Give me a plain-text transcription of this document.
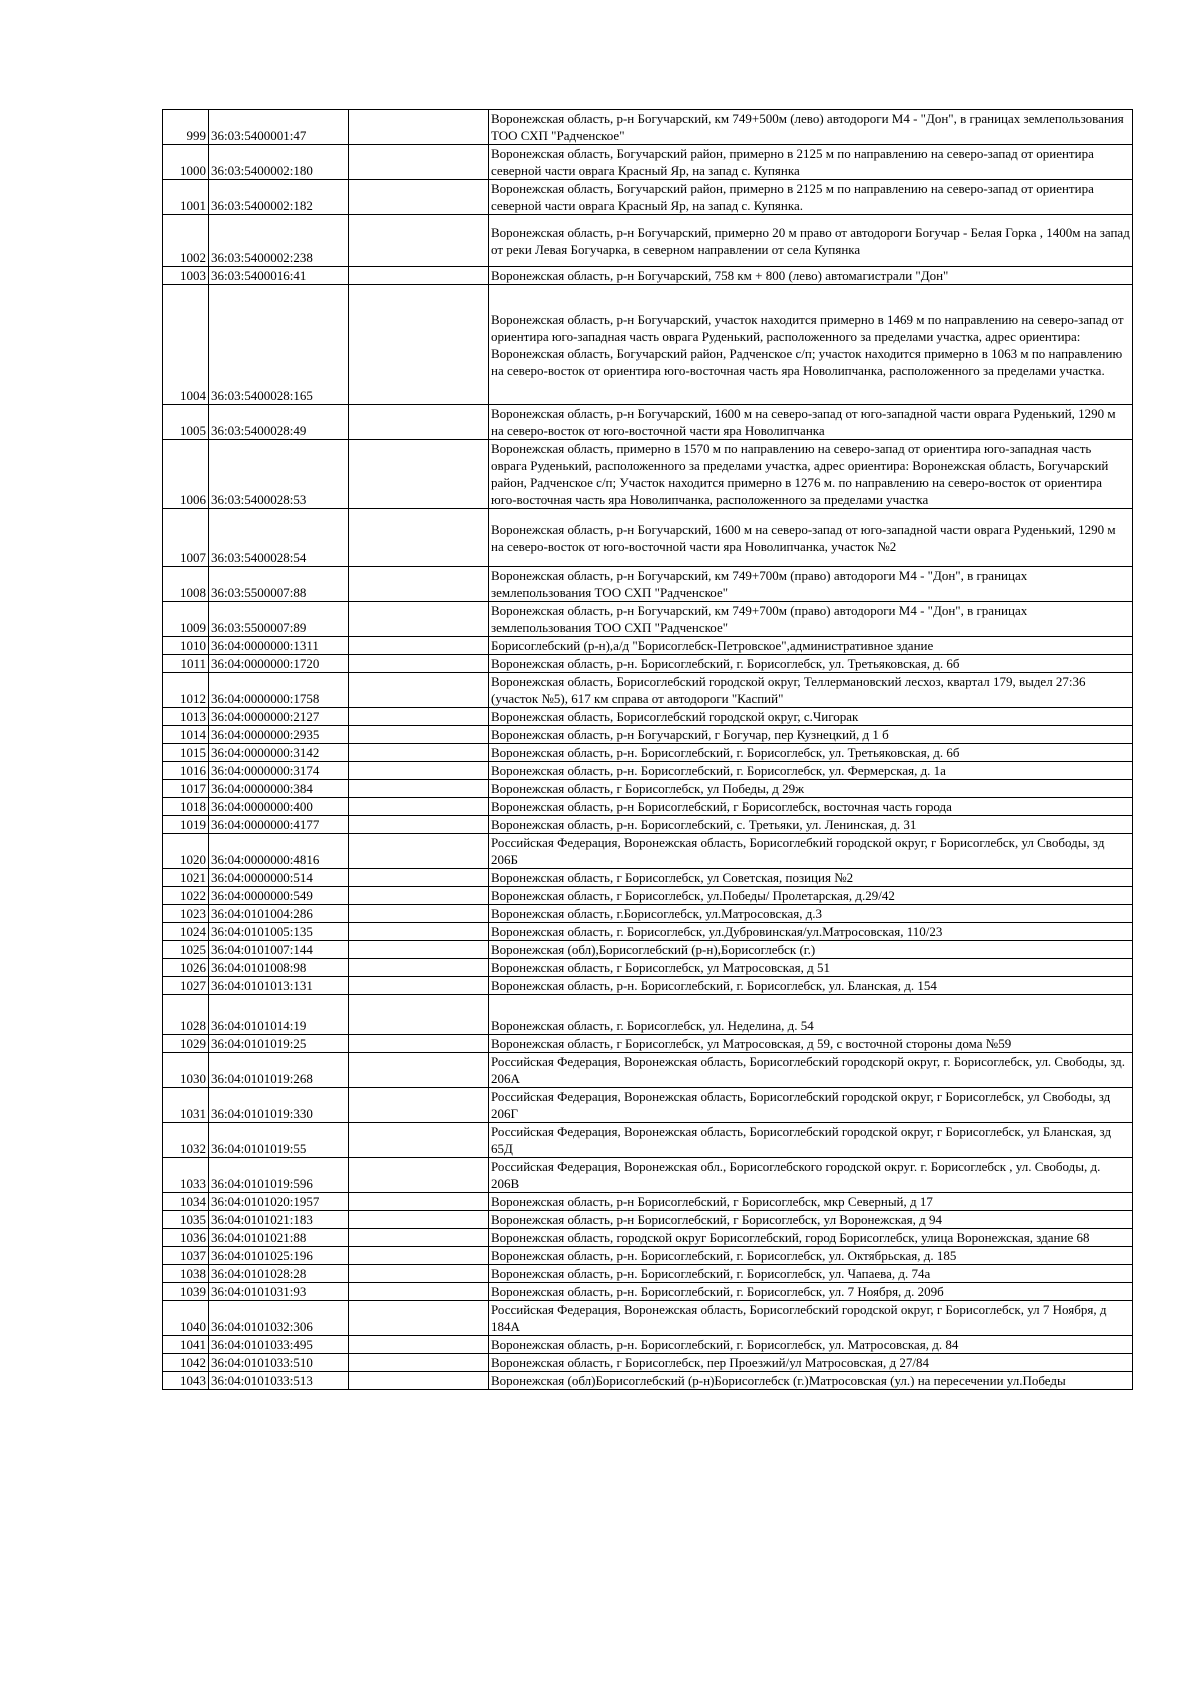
999	36:03:5400001:47		Воронежская область, р-н Богучарский, км 749+500м (лево) автодороги М4 - "Дон", в границах землепользования ТОО СХП "Радченское"
1000	36:03:5400002:180		Воронежская область, Богучарский район, примерно в 2125 м по направлению на северо-запад от ориентира северной части оврага Красный Яр, на запад с. Купянка
1001	36:03:5400002:182		Воронежская область, Богучарский район, примерно в 2125 м по направлению на северо-запад от ориентира северной части оврага Красный Яр, на запад с. Купянка.
1002	36:03:5400002:238		Воронежская область, р-н Богучарский, примерно 20 м право от автодороги Богучар - Белая Горка , 1400м на запад от реки Левая Богучарка, в северном направлении от села Купянка
1003	36:03:5400016:41		Воронежская область, р-н Богучарский, 758 км + 800 (лево) автомагистрали "Дон"
1004	36:03:5400028:165		Воронежская область, р-н Богучарский, участок находится примерно в 1469 м по направлению на северо-запад от ориентира юго-западная часть оврага Руденький, расположенного за пределами участка, адрес ориентира: Воронежская область, Богучарский район, Радченское с/п; участок находится примерно в 1063 м по направлению на северо-восток от ориентира юго-восточная часть яра Новолипчанка, расположенного за пределами участка.
1005	36:03:5400028:49		Воронежская область, р-н Богучарский, 1600 м на северо-запад от юго-западной части оврага Руденький, 1290 м на северо-восток от юго-восточной части яра Новолипчанка
1006	36:03:5400028:53		Воронежская область, примерно в 1570 м по направлению на северо-запад от ориентира юго-западная часть оврага Руденький, расположенного за пределами участка, адрес ориентира: Воронежская область, Богучарский район, Радченское с/п; Участок находится примерно в 1276 м. по направлению на северо-восток от ориентира юго-восточная часть яра Новолипчанка, расположенного за пределами участка
1007	36:03:5400028:54		Воронежская область, р-н Богучарский, 1600 м на северо-запад от юго-западной части оврага Руденький, 1290 м на северо-восток от юго-восточной части яра Новолипчанка, участок №2
1008	36:03:5500007:88		Воронежская область, р-н Богучарский, км 749+700м (право) автодороги М4 - "Дон", в границах землепользования ТОО СХП "Радченское"
1009	36:03:5500007:89		Воронежская область, р-н Богучарский, км 749+700м (право) автодороги М4 - "Дон", в границах землепользования ТОО СХП "Радченское"
1010	36:04:0000000:1311		Борисоглебский (р-н),а/д "Борисоглебск-Петровское",административное здание
1011	36:04:0000000:1720		Воронежская область, р-н. Борисоглебский, г. Борисоглебск, ул. Третьяковская, д. 6б
1012	36:04:0000000:1758		Воронежская область, Борисоглебский городской округ, Теллермановский лесхоз, квартал 179, выдел 27:36 (участок №5), 617 км справа от автодороги "Каспий"
1013	36:04:0000000:2127		Воронежская область, Борисоглебский городской округ, с.Чигорак
1014	36:04:0000000:2935		Воронежская область, р-н Богучарский, г Богучар, пер Кузнецкий, д 1 б
1015	36:04:0000000:3142		Воронежская область, р-н. Борисоглебский, г. Борисоглебск, ул. Третьяковская, д. 6б
1016	36:04:0000000:3174		Воронежская область, р-н. Борисоглебский, г. Борисоглебск, ул. Фермерская, д. 1а
1017	36:04:0000000:384		Воронежская область, г Борисоглебск, ул Победы, д 29ж
1018	36:04:0000000:400		Воронежская область, р-н Борисоглебский, г Борисоглебск, восточная часть города
1019	36:04:0000000:4177		Воронежская область, р-н. Борисоглебский, с. Третьяки, ул. Ленинская, д. 31
1020	36:04:0000000:4816		Российская Федерация, Воронежская область, Борисоглебкий городской округ, г Борисоглебск, ул Свободы, зд 206Б
1021	36:04:0000000:514		Воронежская область, г Борисоглебск, ул Советская, позиция №2
1022	36:04:0000000:549		Воронежская область, г Борисоглебск, ул.Победы/ Пролетарская, д.29/42
1023	36:04:0101004:286		Воронежская область, г.Борисоглебск, ул.Матросовская, д.3
1024	36:04:0101005:135		Воронежская область, г. Борисоглебск, ул.Дубровинская/ул.Матросовская, 110/23
1025	36:04:0101007:144		Воронежская (обл),Борисоглебский (р-н),Борисоглебск (г.)
1026	36:04:0101008:98		Воронежская область, г Борисоглебск, ул Матросовская, д 51
1027	36:04:0101013:131		Воронежская область, р-н. Борисоглебский, г. Борисоглебск, ул. Бланская, д. 154
1028	36:04:0101014:19		Воронежская область, г. Борисоглебск, ул. Неделина, д. 54
1029	36:04:0101019:25		Воронежская область, г Борисоглебск, ул Матросовская, д 59, с восточной стороны дома №59
1030	36:04:0101019:268		Российская Федерация, Воронежская область, Борисоглебский городскорй округ, г. Борисоглебск, ул. Свободы, зд. 206А
1031	36:04:0101019:330		Российская Федерация, Воронежская область, Борисоглебский городской округ, г Борисоглебск, ул Свободы, зд 206Г
1032	36:04:0101019:55		Российская Федерация, Воронежская область, Борисоглебский городской округ, г Борисоглебск, ул Бланская, зд 65Д
1033	36:04:0101019:596		Российская Федерация, Воронежская обл., Борисоглебского городской округ. г. Борисоглебск , ул. Свободы, д. 206В
1034	36:04:0101020:1957		Воронежская область, р-н Борисоглебский, г Борисоглебск, мкр Северный, д 17
1035	36:04:0101021:183		Воронежская область, р-н Борисоглебский, г Борисоглебск, ул Воронежская, д 94
1036	36:04:0101021:88		Воронежская область, городской округ Борисоглебский, город Борисоглебск, улица Воронежская, здание 68
1037	36:04:0101025:196		Воронежская область, р-н. Борисоглебский, г. Борисоглебск, ул. Октябрьская, д. 185
1038	36:04:0101028:28		Воронежская область, р-н. Борисоглебский, г. Борисоглебск, ул. Чапаева, д. 74а
1039	36:04:0101031:93		Воронежская область, р-н. Борисоглебский, г. Борисоглебск, ул. 7 Ноября, д. 209б
1040	36:04:0101032:306		Российская Федерация, Воронежская область, Борисоглебский городской округ, г Борисоглебск, ул 7 Ноября, д 184А
1041	36:04:0101033:495		Воронежская область, р-н. Борисоглебский, г. Борисоглебск, ул. Матросовская, д. 84
1042	36:04:0101033:510		Воронежская область, г Борисоглебск, пер Проезжий/ул Матросовская, д 27/84
1043	36:04:0101033:513		Воронежская (обл)Борисоглебский (р-н)Борисоглебск (г.)Матросовская (ул.) на пересечении ул.Победы
